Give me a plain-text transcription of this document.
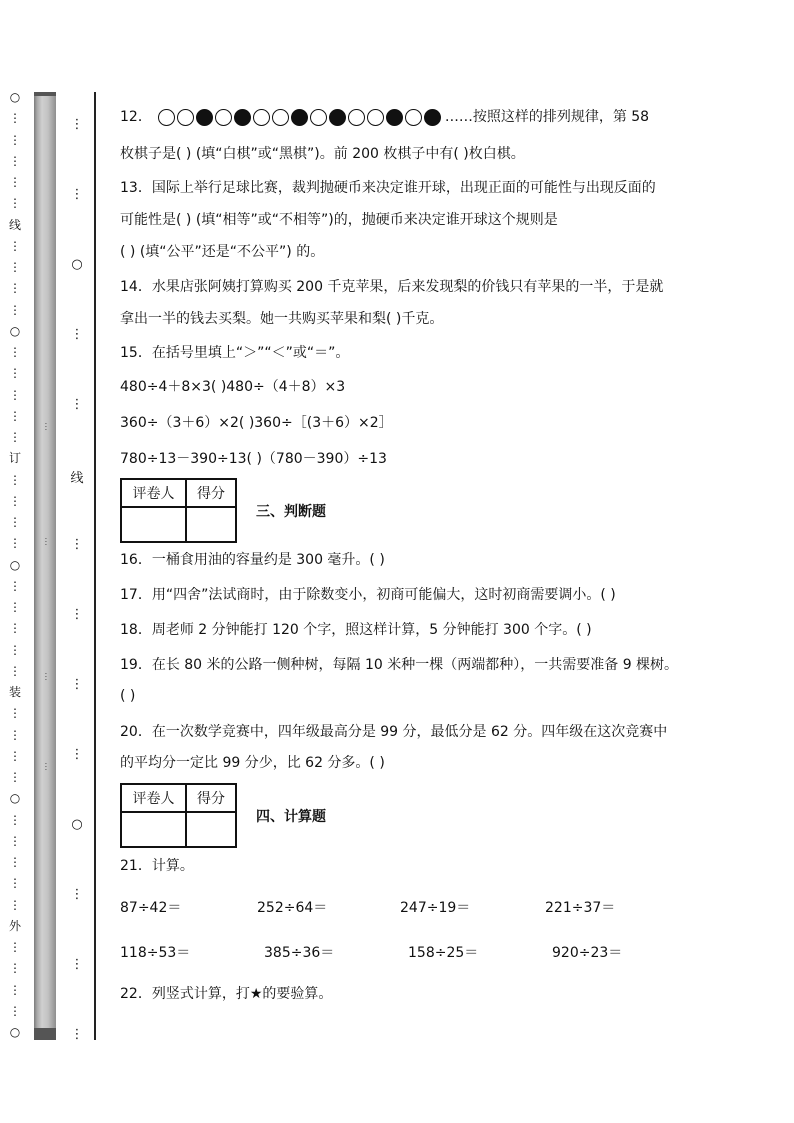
○
⋮
⋮
⋮
⋮
⋮
线
⋮
⋮
⋮
⋮
○
⋮
⋮
⋮
⋮
⋮
订
⋮
⋮
⋮
⋮
○
⋮
⋮
⋮
⋮
⋮
装
⋮
⋮
⋮
⋮
○
⋮
⋮
⋮
⋮
⋮
外
⋮
⋮
⋮
⋮
○
⋯
⋯
⋯
⋯
⋮
⋮
○
⋮
⋮
线
⋮
⋮
⋮
⋮
○
⋮
⋮
⋮
12．	……按照这样的排列规律，第 58
枚棋子是( ) (填“白棋”或“黑棋”)。前 200 枚棋子中有( )枚白棋。
13．国际上举行足球比赛，裁判抛硬币来决定谁开球，出现正面的可能性与出现反面的
可能性是( ) (填“相等”或“不相等”)的，抛硬币来决定谁开球这个规则是
( ) (填“公平”还是“不公平”) 的。
14．水果店张阿姨打算购买 200 千克苹果，后来发现梨的价钱只有苹果的一半，于是就
拿出一半的钱去买梨。她一共购买苹果和梨( )千克。
15．在括号里填上“＞”“＜”或“＝”。
480÷4＋8×3( )480÷（4＋8）×3
360÷（3＋6）×2( )360÷［(3＋6）×2］
780÷13－390÷13( )（780－390）÷13
评卷人	得分

三、判断题
16．一桶食用油的容量约是 300 毫升。( )
17．用“四舍”法试商时，由于除数变小，初商可能偏大，这时初商需要调小。( )
18．周老师 2 分钟能打 120 个字，照这样计算，5 分钟能打 300 个字。( )
19．在长 80 米的公路一侧种树，每隔 10 米种一棵（两端都种），一共需要准备 9 棵树。
( )
20．在一次数学竞赛中，四年级最高分是 99 分，最低分是 62 分。四年级在这次竞赛中
的平均分一定比 99 分少，比 62 分多。( )
评卷人	得分

四、计算题
21．计算。
87÷42＝	252÷64＝	247÷19＝	221÷37＝
118÷53＝	385÷36＝	158÷25＝	920÷23＝
22．列竖式计算，打★的要验算。
